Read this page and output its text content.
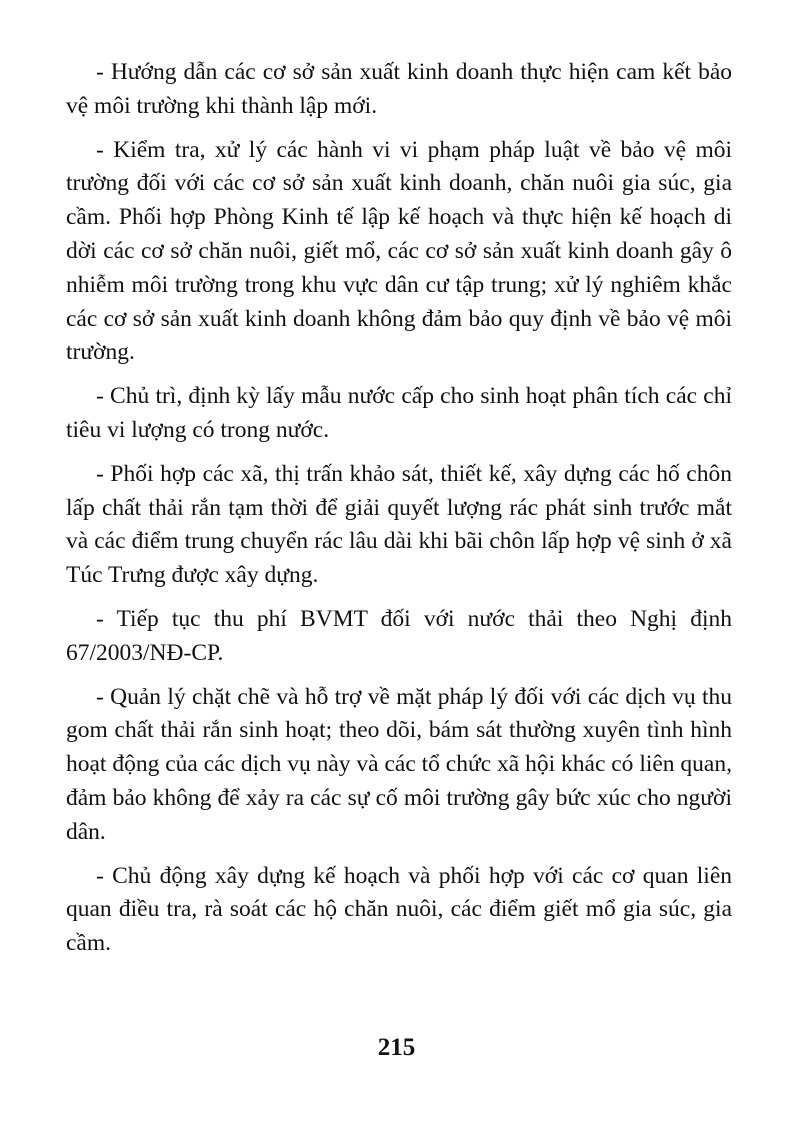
- Hướng dẫn các cơ sở sản xuất kinh doanh thực hiện cam kết bảo vệ môi trường khi thành lập mới.

- Kiểm tra, xử lý các hành vi vi phạm pháp luật về bảo vệ môi trường đối với các cơ sở sản xuất kinh doanh, chăn nuôi gia súc, gia cầm. Phối hợp Phòng Kinh tế lập kế hoạch và thực hiện kế hoạch di dời các cơ sở chăn nuôi, giết mổ, các cơ sở sản xuất kinh doanh gây ô nhiễm môi trường trong khu vực dân cư tập trung; xử lý nghiêm khắc các cơ sở sản xuất kinh doanh không đảm bảo quy định về bảo vệ môi trường.

- Chủ trì, định kỳ lấy mẫu nước cấp cho sinh hoạt phân tích các chỉ tiêu vi lượng có trong nước.

- Phối hợp các xã, thị trấn khảo sát, thiết kế, xây dựng các hố chôn lấp chất thải rắn tạm thời để giải quyết lượng rác phát sinh trước mắt và các điểm trung chuyển rác lâu dài khi bãi chôn lấp hợp vệ sinh ở xã Túc Trưng được xây dựng.

- Tiếp tục thu phí BVMT đối với nước thải theo Nghị định 67/2003/NĐ-CP.

- Quản lý chặt chẽ và hỗ trợ về mặt pháp lý đối với các dịch vụ thu gom chất thải rắn sinh hoạt; theo dõi, bám sát thường xuyên tình hình hoạt động của các dịch vụ này và các tổ chức xã hội khác có liên quan, đảm bảo không để xảy ra các sự cố môi trường gây bức xúc cho người dân.

- Chủ động xây dựng kế hoạch và phối hợp với các cơ quan liên quan điều tra, rà soát các hộ chăn nuôi, các điểm giết mổ gia súc, gia cầm.

215
